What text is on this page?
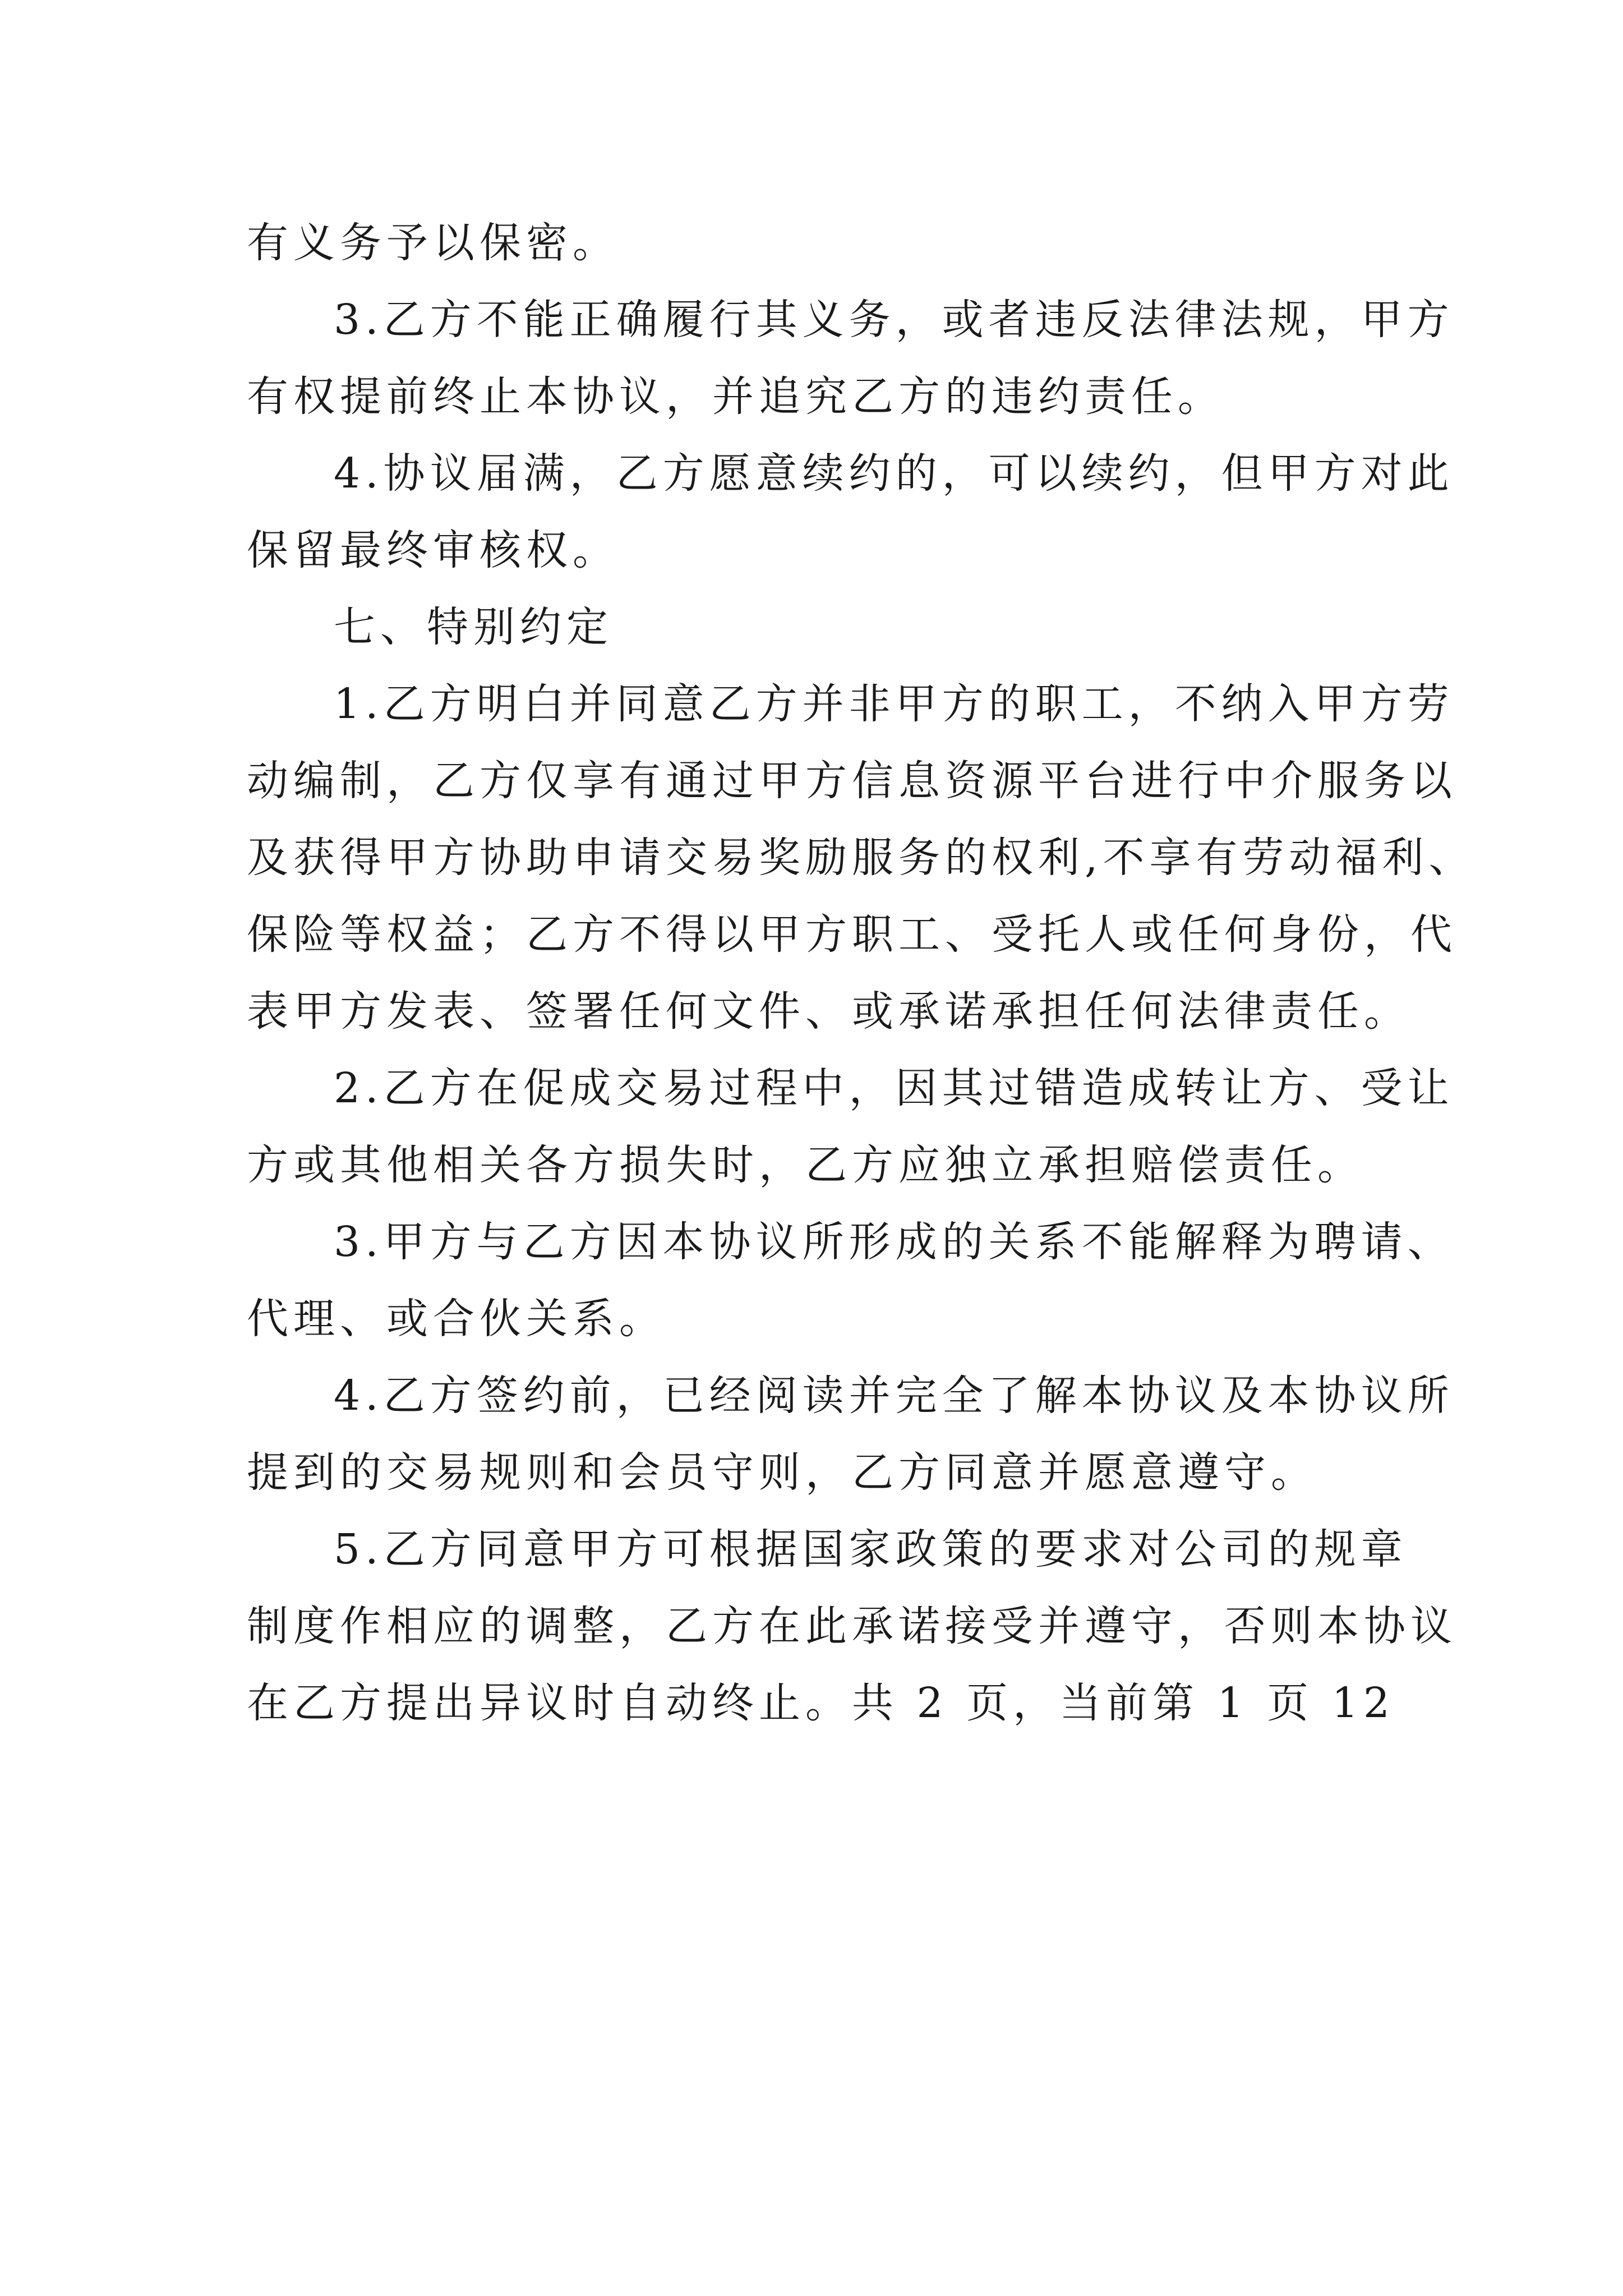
有义务予以保密。
3.乙方不能正确履行其义务，或者违反法律法规，甲方
有权提前终止本协议，并追究乙方的违约责任。
4.协议届满，乙方愿意续约的，可以续约，但甲方对此
保留最终审核权。
七、特别约定
1.乙方明白并同意乙方并非甲方的职工，不纳入甲方劳
动编制，乙方仅享有通过甲方信息资源平台进行中介服务以
及获得甲方协助申请交易奖励服务的权利,不享有劳动福利、
保险等权益；乙方不得以甲方职工、受托人或任何身份，代
表甲方发表、签署任何文件、或承诺承担任何法律责任。
2.乙方在促成交易过程中，因其过错造成转让方、受让
方或其他相关各方损失时，乙方应独立承担赔偿责任。
3.甲方与乙方因本协议所形成的关系不能解释为聘请、
代理、或合伙关系。
4.乙方签约前，已经阅读并完全了解本协议及本协议所
提到的交易规则和会员守则，乙方同意并愿意遵守。
5.乙方同意甲方可根据国家政策的要求对公司的规章
制度作相应的调整，乙方在此承诺接受并遵守，否则本协议
在乙方提出异议时自动终止。共 2 页，当前第 1 页 12
